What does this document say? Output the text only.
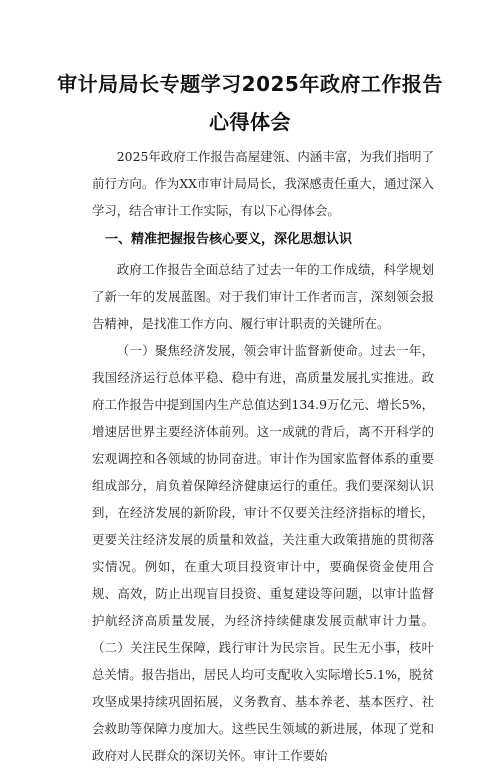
审计局局长专题学习2025年政府工作报告
心得体会

2025年政府工作报告高屋建瓴、内涵丰富，为我们指明了前行方向。作为XX市审计局局长，我深感责任重大，通过深入学习，结合审计工作实际，有以下心得体会。

一、精准把握报告核心要义，深化思想认识

政府工作报告全面总结了过去一年的工作成绩，科学规划了新一年的发展蓝图。对于我们审计工作者而言，深刻领会报告精神，是找准工作方向、履行审计职责的关键所在。

（一）聚焦经济发展，领会审计监督新使命。过去一年，我国经济运行总体平稳、稳中有进，高质量发展扎实推进。政府工作报告中提到国内生产总值达到134.9万亿元、增长5%，增速居世界主要经济体前列。这一成就的背后，离不开科学的宏观调控和各领域的协同奋进。审计作为国家监督体系的重要组成部分，肩负着保障经济健康运行的重任。我们要深刻认识到，在经济发展的新阶段，审计不仅要关注经济指标的增长，更要关注经济发展的质量和效益，关注重大政策措施的贯彻落实情况。例如，在重大项目投资审计中，要确保资金使用合规、高效，防止出现盲目投资、重复建设等问题，以审计监督护航经济高质量发展，为经济持续健康发展贡献审计力量。（二）关注民生保障，践行审计为民宗旨。民生无小事，枝叶总关情。报告指出，居民人均可支配收入实际增长5.1%，脱贫攻坚成果持续巩固拓展，义务教育、基本养老、基本医疗、社会救助等保障力度加大。这些民生领域的新进展，体现了党和政府对人民群众的深切关怀。审计工作要始
